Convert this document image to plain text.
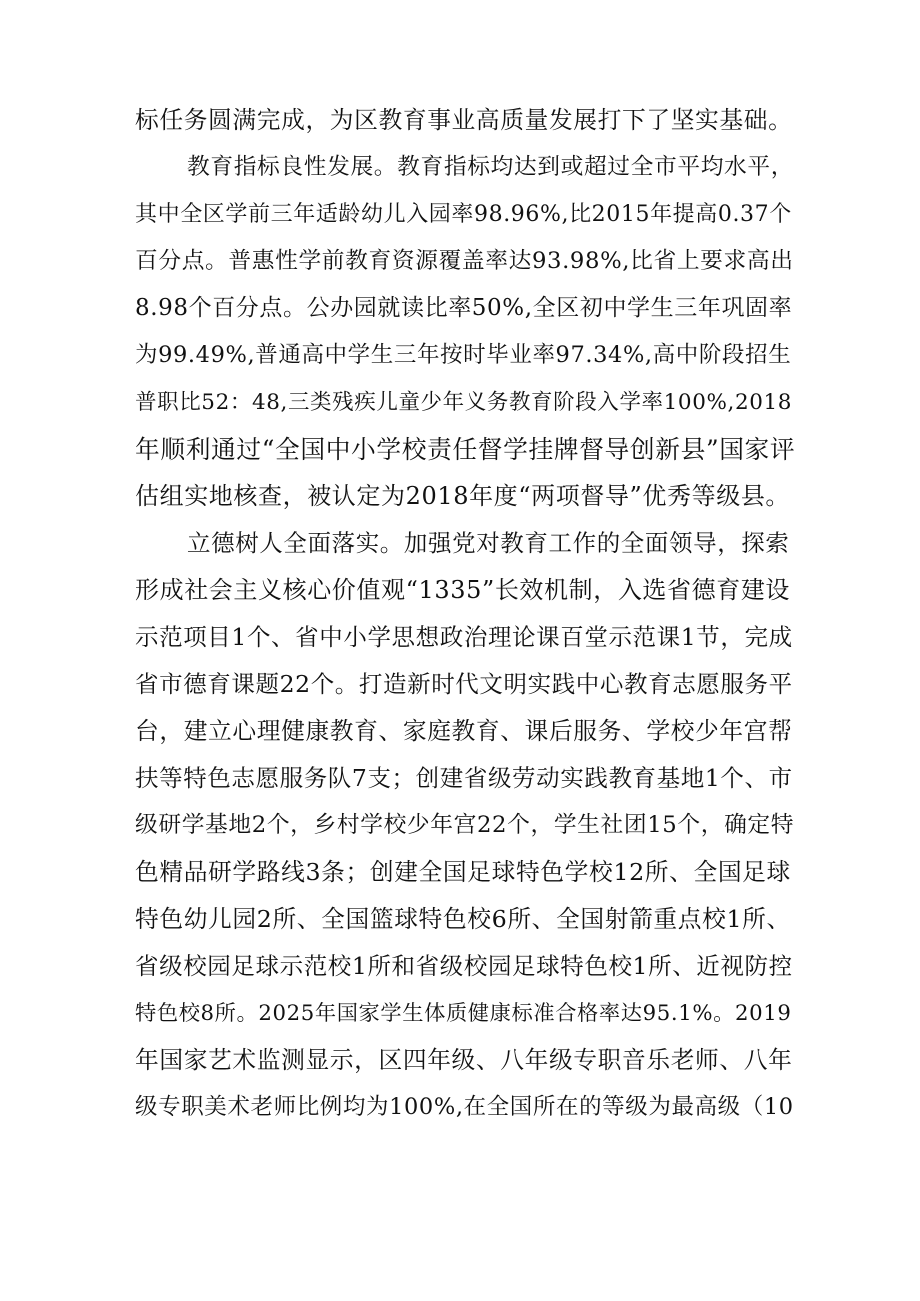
标任务圆满完成，为区教育事业高质量发展打下了坚实基础。
教育指标良性发展。教育指标均达到或超过全市平均水平，
其中全区学前三年适龄幼儿入园率98.96%,比2015年提高0.37个
百分点。普惠性学前教育资源覆盖率达93.98%,比省上要求高出
8.98个百分点。公办园就读比率50%,全区初中学生三年巩固率
为99.49%,普通高中学生三年按时毕业率97.34%,高中阶段招生
普职比52：48,三类残疾儿童少年义务教育阶段入学率100%,2018
年顺利通过“全国中小学校责任督学挂牌督导创新县”国家评
估组实地核查，被认定为2018年度“两项督导”优秀等级县。
立德树人全面落实。加强党对教育工作的全面领导，探索
形成社会主义核心价值观“1335”长效机制，入选省德育建设
示范项目1个、省中小学思想政治理论课百堂示范课1节，完成
省市德育课题22个。打造新时代文明实践中心教育志愿服务平
台，建立心理健康教育、家庭教育、课后服务、学校少年宫帮
扶等特色志愿服务队7支；创建省级劳动实践教育基地1个、市
级研学基地2个，乡村学校少年宫22个，学生社团15个，确定特
色精品研学路线3条；创建全国足球特色学校12所、全国足球
特色幼儿园2所、全国篮球特色校6所、全国射箭重点校1所、
省级校园足球示范校1所和省级校园足球特色校1所、近视防控
特色校8所。2025年国家学生体质健康标准合格率达95.1%。2019
年国家艺术监测显示，区四年级、八年级专职音乐老师、八年
级专职美术老师比例均为100%,在全国所在的等级为最高级（10
